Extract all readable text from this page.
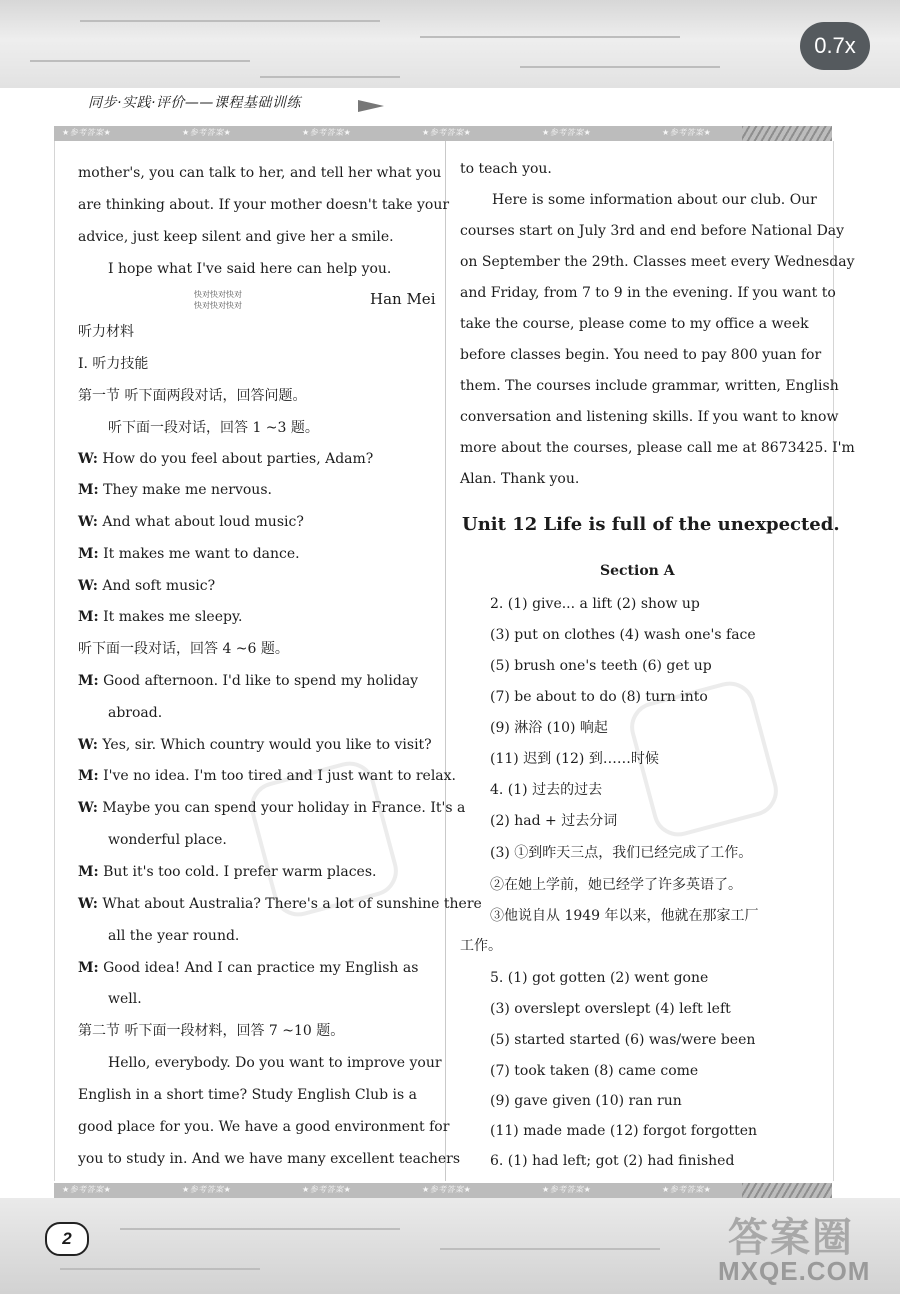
0.7x
同步·实践·评价——课程基础训练
★参考答案★	★参考答案★	★参考答案★	★参考答案★	★参考答案★	★参考答案★
mother's, you can talk to her, and tell her what you
are thinking about. If your mother doesn't take your
advice, just keep silent and give her a smile.
I hope what I've said here can help you.
快对快对快对
快对快对快对	Han Mei
听力材料
Ⅰ. 听力技能
第一节 听下面两段对话，回答问题。
听下面一段对话，回答 1 ~3 题。
W: How do you feel about parties, Adam?
M: They make me nervous.
W: And what about loud music?
M: It makes me want to dance.
W: And soft music?
M: It makes me sleepy.
听下面一段对话，回答 4 ~6 题。
M: Good afternoon. I'd like to spend my holiday
abroad.
W: Yes, sir. Which country would you like to visit?
M: I've no idea. I'm too tired and I just want to relax.
W: Maybe you can spend your holiday in France. It's a
wonderful place.
M: But it's too cold. I prefer warm places.
W: What about Australia? There's a lot of sunshine there
all the year round.
M: Good idea! And I can practice my English as
well.
第二节 听下面一段材料，回答 7 ~10 题。
Hello, everybody. Do you want to improve your
English in a short time? Study English Club is a
good place for you. We have a good environment for
you to study in. And we have many excellent teachers
to teach you.
Here is some information about our club. Our
courses start on July 3rd and end before National Day
on September the 29th. Classes meet every Wednesday
and Friday, from 7 to 9 in the evening. If you want to
take the course, please come to my office a week
before classes begin. You need to pay 800 yuan for
them. The courses include grammar, written, English
conversation and listening skills. If you want to know
more about the courses, please call me at 8673425. I'm
Alan. Thank you.
Unit 12 Life is full of the unexpected.
Section A
2. (1) give... a lift (2) show up
(3) put on clothes (4) wash one's face
(5) brush one's teeth (6) get up
(7) be about to do (8) turn into
(9) 淋浴 (10) 响起
(11) 迟到 (12) 到……时候
4. (1) 过去的过去
(2) had + 过去分词
(3) ①到昨天三点，我们已经完成了工作。
②在她上学前，她已经学了许多英语了。
③他说自从 1949 年以来，他就在那家工厂
工作。
5. (1) got gotten (2) went gone
(3) overslept overslept (4) left left
(5) started started (6) was/were been
(7) took taken (8) came come
(9) gave given (10) ran run
(11) made made (12) forgot forgotten
6. (1) had left; got (2) had finished
★参考答案★	★参考答案★	★参考答案★	★参考答案★	★参考答案★	★参考答案★
2	答案圈
MXQE.COM
